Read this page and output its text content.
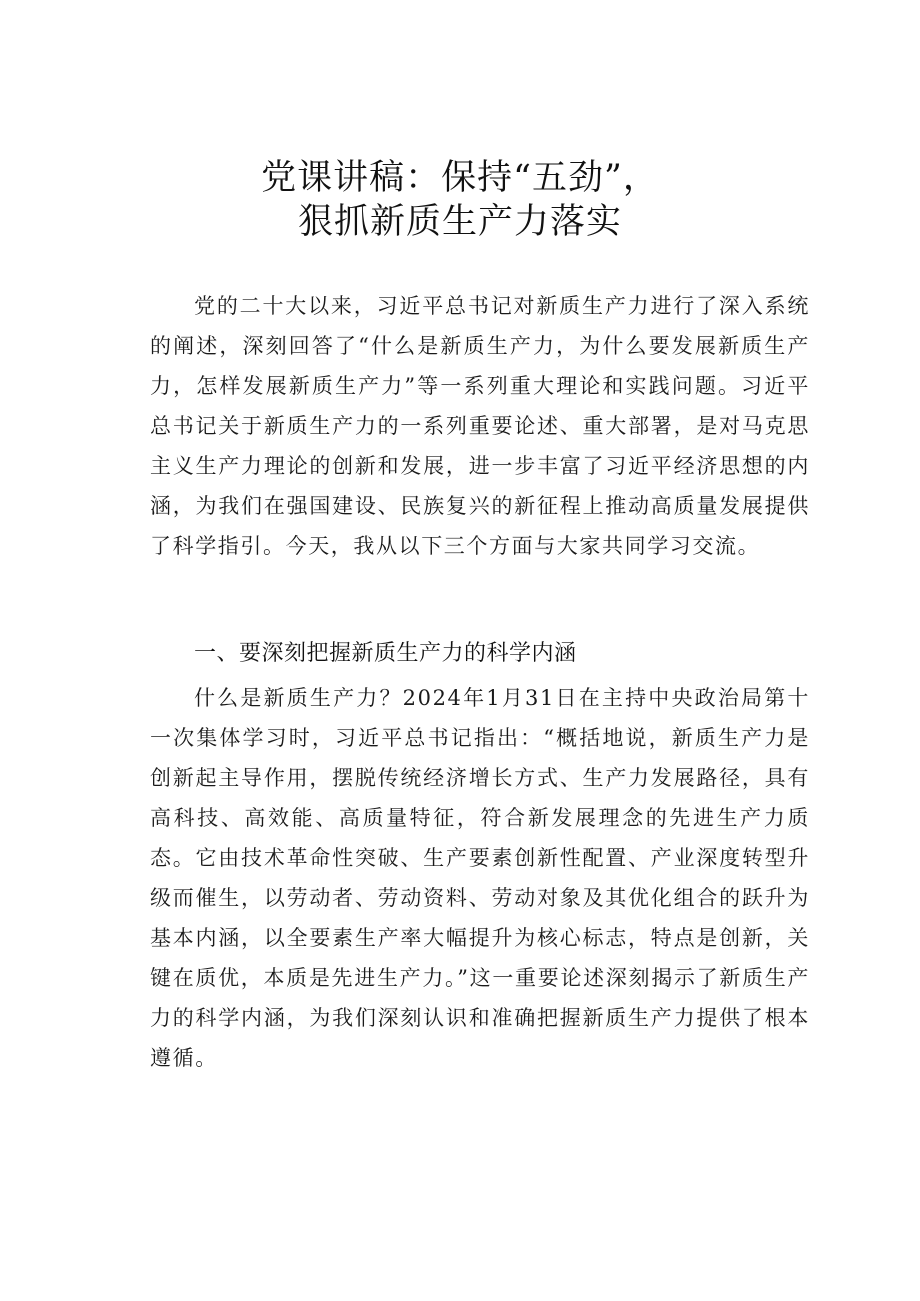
党课讲稿：保持“五劲”，
狠抓新质生产力落实
党的二十大以来，习近平总书记对新质生产力进行了深入系统的阐述，深刻回答了“什么是新质生产力，为什么要发展新质生产力，怎样发展新质生产力”等一系列重大理论和实践问题。习近平总书记关于新质生产力的一系列重要论述、重大部署，是对马克思主义生产力理论的创新和发展，进一步丰富了习近平经济思想的内涵，为我们在强国建设、民族复兴的新征程上推动高质量发展提供了科学指引。今天，我从以下三个方面与大家共同学习交流。
一、要深刻把握新质生产力的科学内涵
什么是新质生产力？2024年1月31日在主持中央政治局第十一次集体学习时，习近平总书记指出：“概括地说，新质生产力是创新起主导作用，摆脱传统经济增长方式、生产力发展路径，具有高科技、高效能、高质量特征，符合新发展理念的先进生产力质态。它由技术革命性突破、生产要素创新性配置、产业深度转型升级而催生，以劳动者、劳动资料、劳动对象及其优化组合的跃升为基本内涵，以全要素生产率大幅提升为核心标志，特点是创新，关键在质优，本质是先进生产力。”这一重要论述深刻揭示了新质生产力的科学内涵，为我们深刻认识和准确把握新质生产力提供了根本遵循。
